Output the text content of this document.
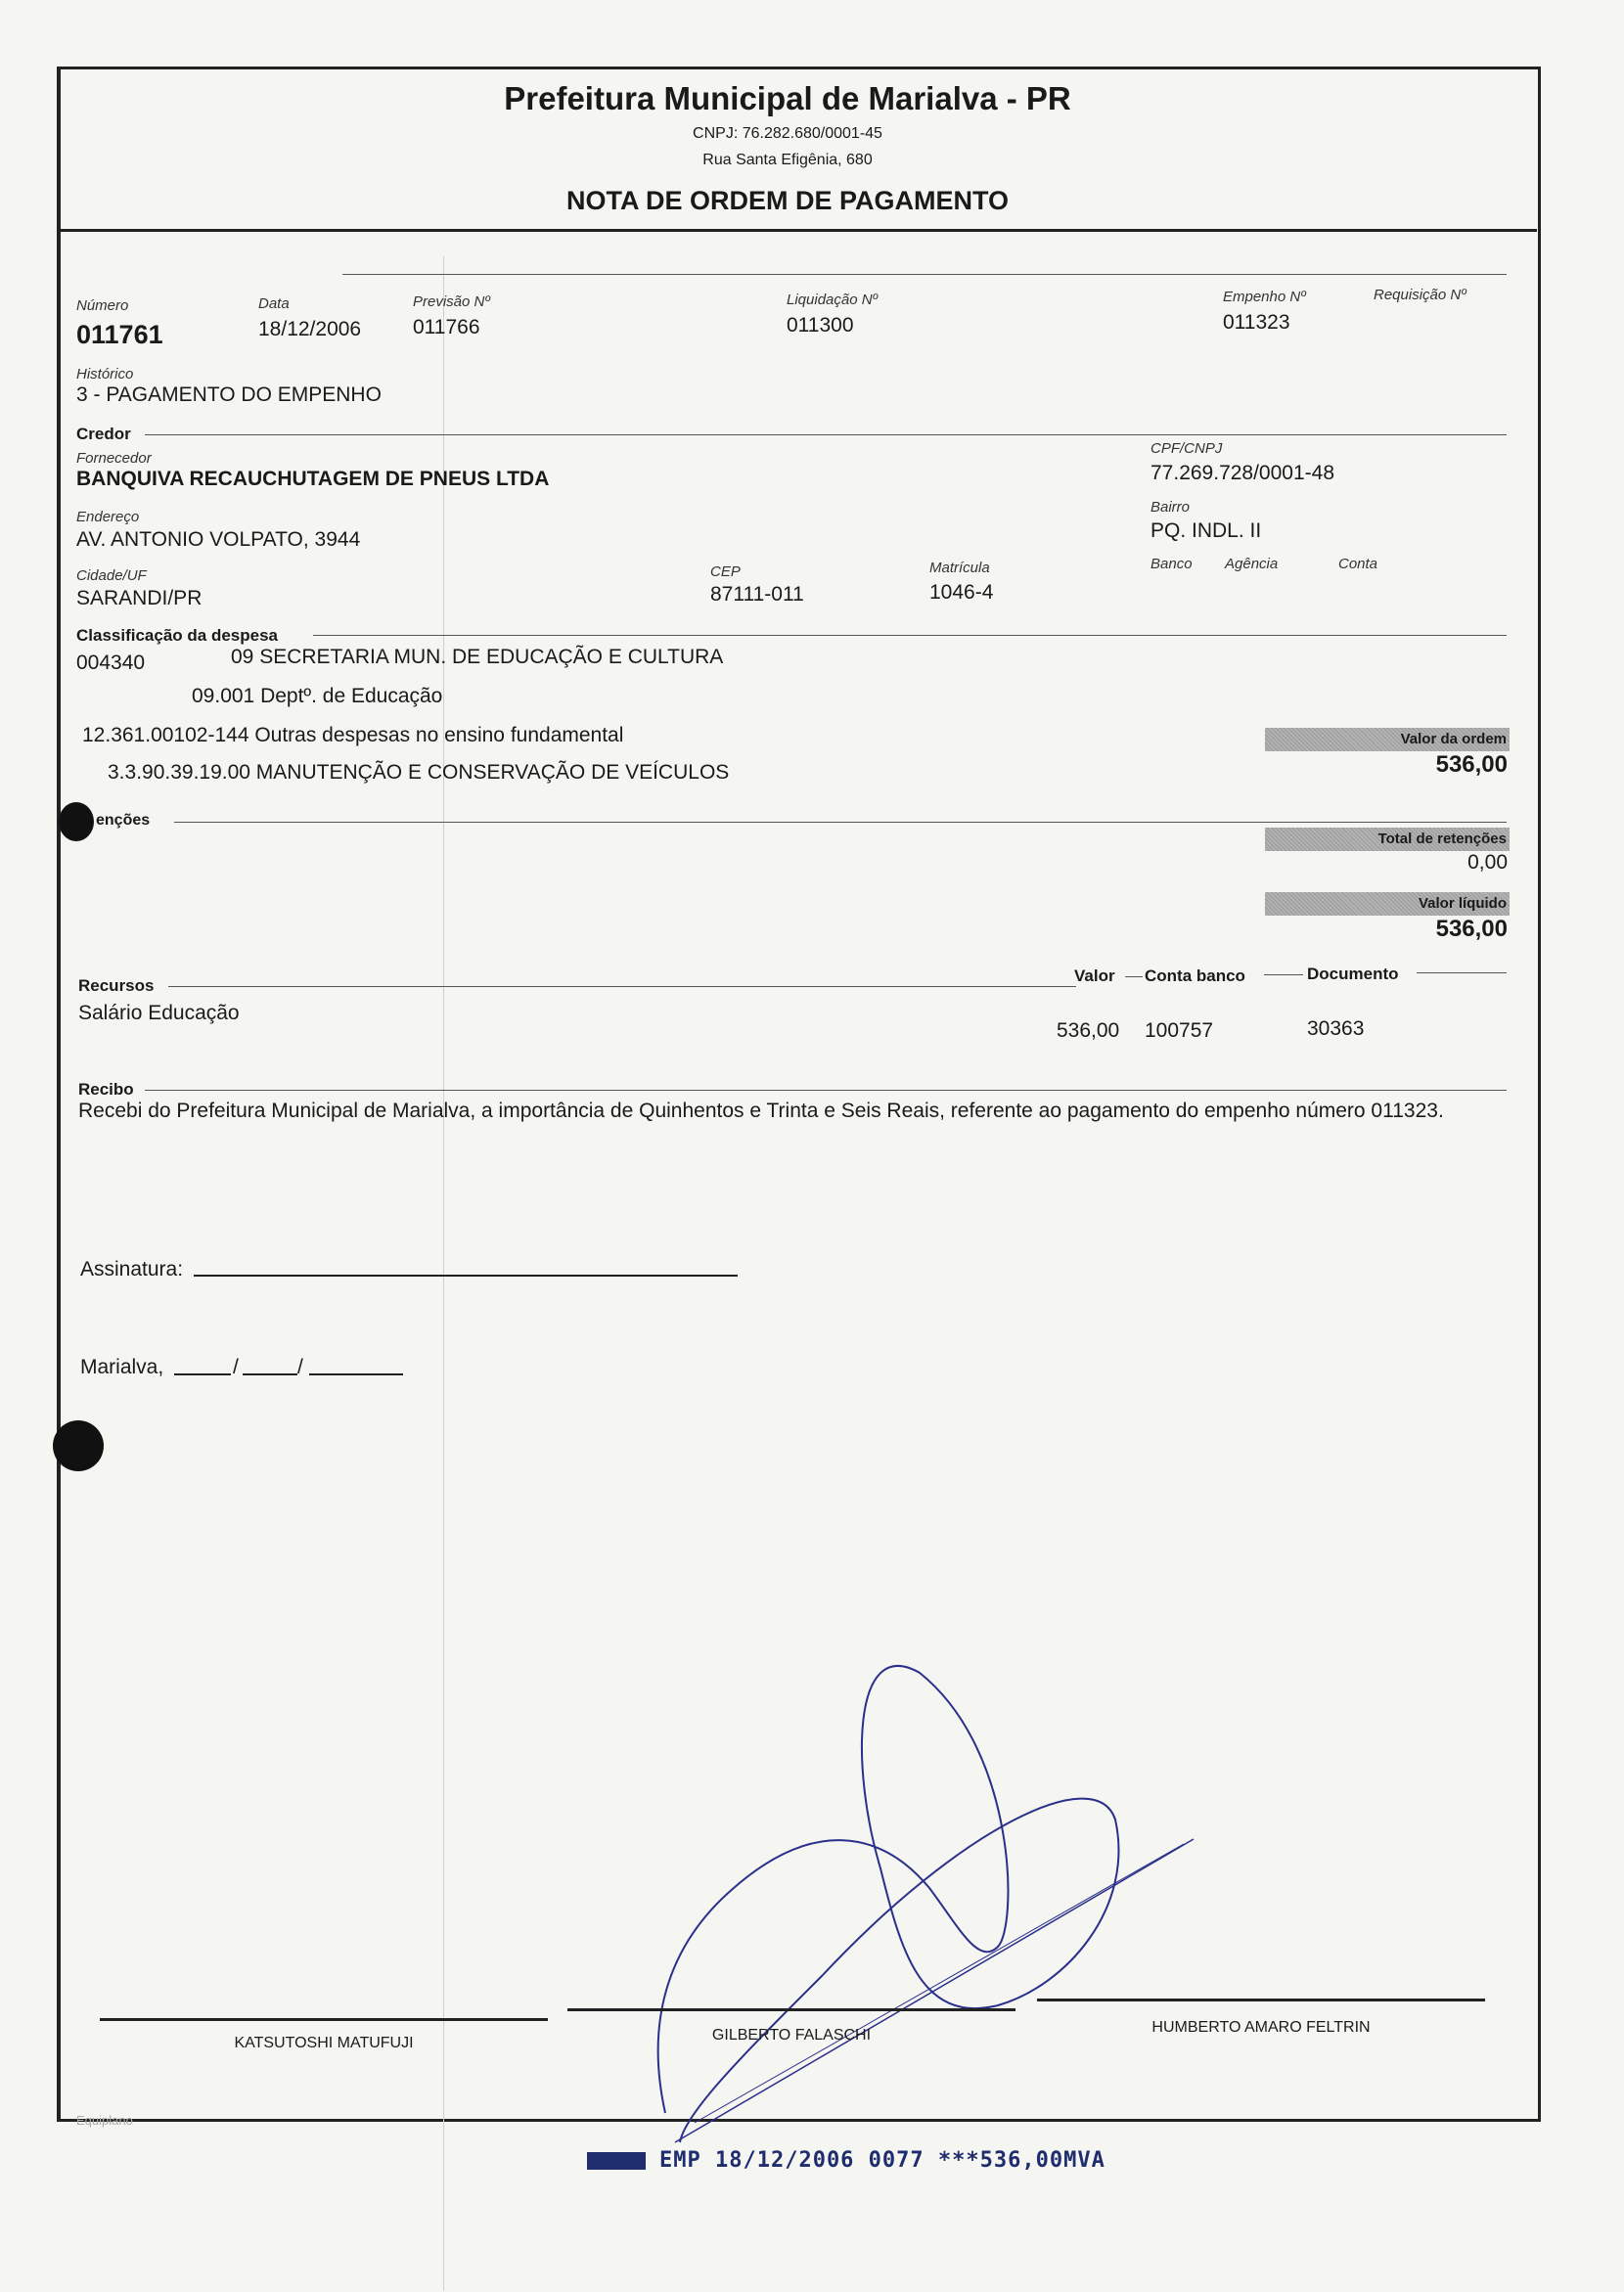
Prefeitura Municipal de Marialva - PR
CNPJ: 76.282.680/0001-45
Rua Santa Efigênia, 680
NOTA DE ORDEM DE PAGAMENTO
Número
011761
Data
18/12/2006
Previsão Nº
011766
Liquidação Nº
011300
Empenho Nº
011323
Requisição Nº
Histórico
3 - PAGAMENTO DO EMPENHO
Credor
Fornecedor
BANQUIVA RECAUCHUTAGEM DE PNEUS LTDA
CPF/CNPJ
77.269.728/0001-48
Endereço
AV. ANTONIO VOLPATO, 3944
Bairro
PQ. INDL. II
Cidade/UF
SARANDI/PR
CEP
87111-011
Matrícula
1046-4
Banco Agência	Conta
Classificação da despesa
004340	09 SECRETARIA MUN. DE EDUCAÇÃO E CULTURA
09.001 Deptº. de Educação
12.361.00102-144 Outras despesas no ensino fundamental
3.3.90.39.19.00 MANUTENÇÃO E CONSERVAÇÃO DE VEÍCULOS
Valor da ordem
536,00
enções
Total de retenções
0,00
Valor líquido
536,00
Recursos
Valor Conta banco	Documento
Salário Educação
536,00 100757	30363
Recibo
Recebi do Prefeitura Municipal de Marialva, a importância de Quinhentos e Trinta e Seis Reais, referente ao pagamento do empenho número 011323.
Assinatura:
Marialva,	/	/
KATSUTOSHI MATUFUJI	GILBERTO FALASCHI	HUMBERTO AMARO FELTRIN
Equiplano
EMP 18/12/2006 0077 ***536,00MVA
